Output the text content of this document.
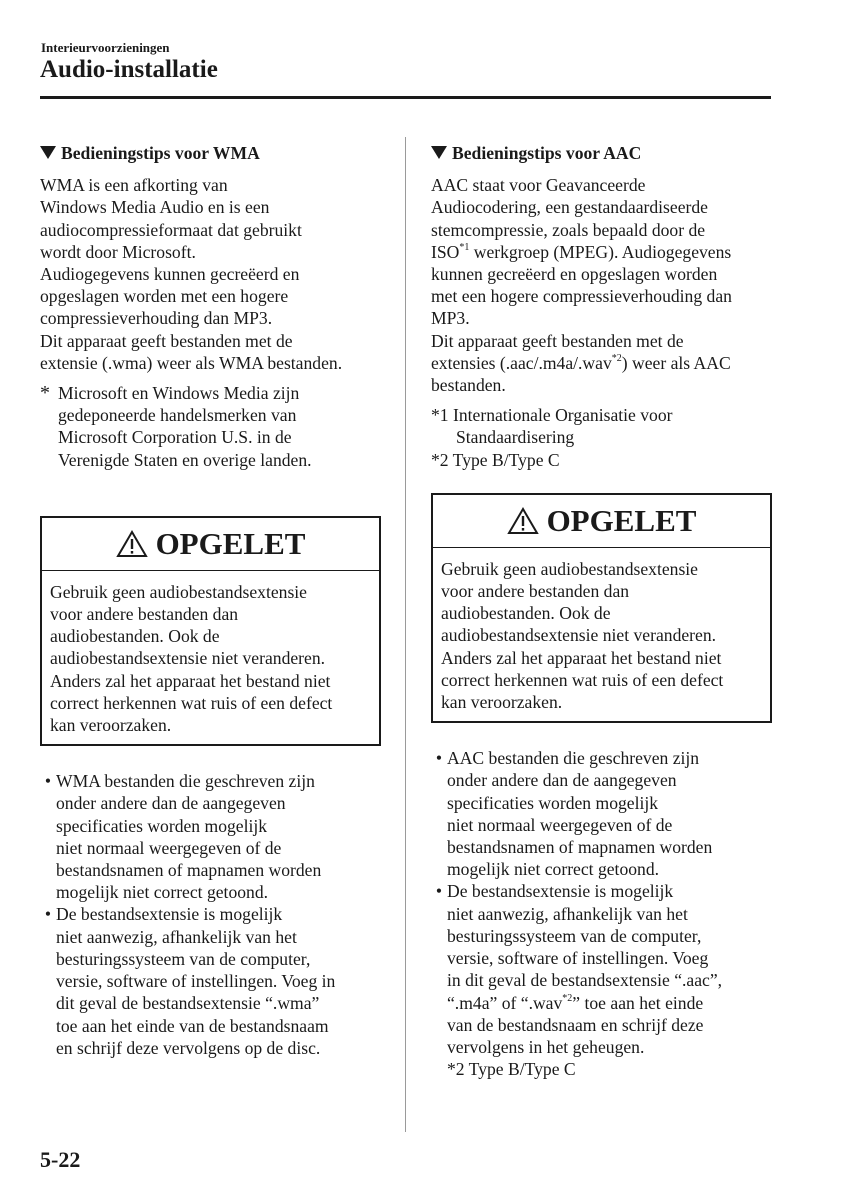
Interieurvoorzieningen
Audio-installatie
Bedieningstips voor WMA

WMA is een afkorting van

Windows Media Audio en is een

audiocompressieformaat dat gebruikt

wordt door Microsoft.

Audiogegevens kunnen gecreëerd en

opgeslagen worden met een hogere

compressieverhouding dan MP3.

Dit apparaat geeft bestanden met de

extensie (.wma) weer als WMA bestanden.

* Microsoft en Windows Media zijn
gedeponeerde handelsmerken van
Microsoft Corporation U.S. in de
Verenigde Staten en overige landen.
OPGELET
Gebruik geen audiobestandsextensie
voor andere bestanden dan
audiobestanden. Ook de
audiobestandsextensie niet veranderen.
Anders zal het apparaat het bestand niet
correct herkennen wat ruis of een defect
kan veroorzaken.
• WMA bestanden die geschreven zijn
onder andere dan de aangegeven
specificaties worden mogelijk
niet normaal weergegeven of de
bestandsnamen of mapnamen worden
mogelijk niet correct getoond.
• De bestandsextensie is mogelijk
niet aanwezig, afhankelijk van het
besturingssysteem van de computer,
versie, software of instellingen. Voeg in
dit geval de bestandsextensie “.wma”
toe aan het einde van de bestandsnaam
en schrijf deze vervolgens op de disc.
Bedieningstips voor AAC

AAC staat voor Geavanceerde

Audiocodering, een gestandaardiseerde

stemcompressie, zoals bepaald door de

ISO$^{*1}$ werkgroep (MPEG). Audiogegevens

kunnen gecreëerd en opgeslagen worden

met een hogere compressieverhouding dan

MP3.

Dit apparaat geeft bestanden met de

extensies (.aac/.m4a/.wav$^{*2}$) weer als AAC

bestanden.

*1 Internationale Organisatie voor
Standaardisering
*2 Type B/Type C
OPGELET
Gebruik geen audiobestandsextensie
voor andere bestanden dan
audiobestanden. Ook de
audiobestandsextensie niet veranderen.
Anders zal het apparaat het bestand niet
correct herkennen wat ruis of een defect
kan veroorzaken.
• AAC bestanden die geschreven zijn
onder andere dan de aangegeven
specificaties worden mogelijk
niet normaal weergegeven of de
bestandsnamen of mapnamen worden
mogelijk niet correct getoond.
• De bestandsextensie is mogelijk
niet aanwezig, afhankelijk van het
besturingssysteem van de computer,
versie, software of instellingen. Voeg
in dit geval de bestandsextensie “.aac”,
“.m4a” of “.wav$^{*2}$” toe aan het einde
van de bestandsnaam en schrijf deze
vervolgens in het geheugen.
*2 Type B/Type C
5-22
